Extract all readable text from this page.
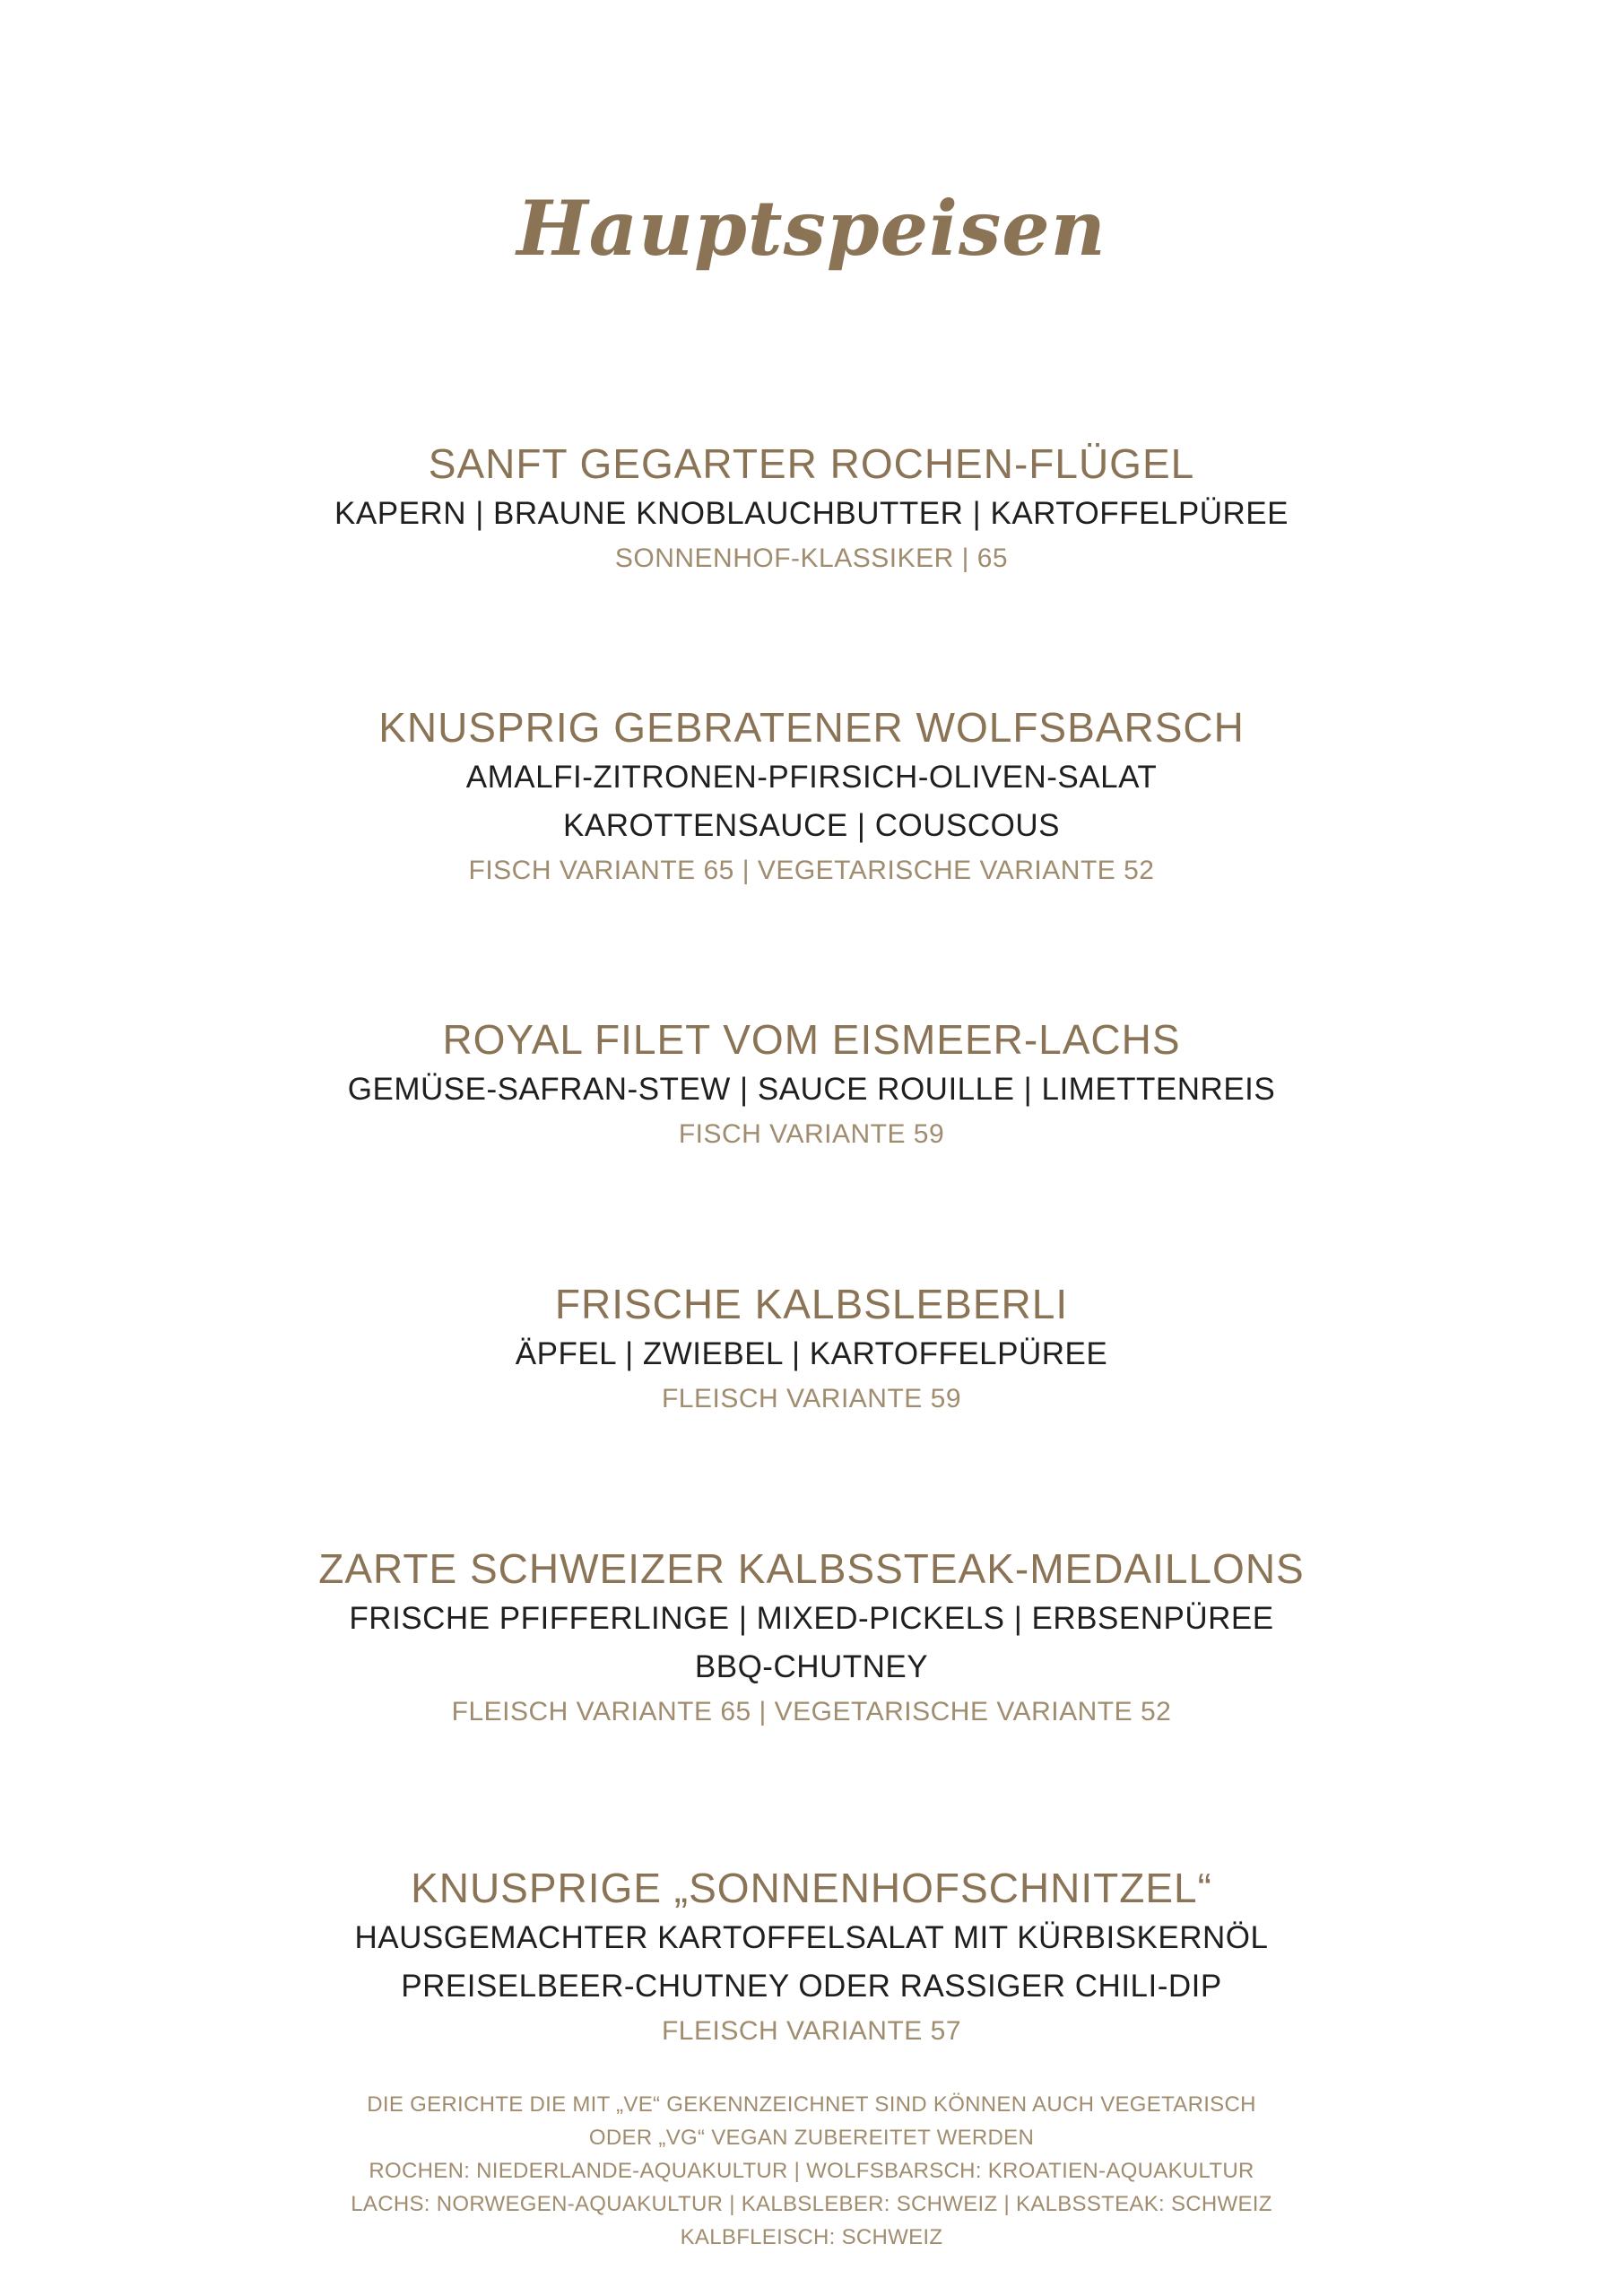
Hauptspeisen

SANFT GEGARTER ROCHEN-FLÜGEL

KAPERN | BRAUNE KNOBLAUCHBUTTER | KARTOFFELPÜREE

SONNENHOF-KLASSIKER | 65

KNUSPRIG GEBRATENER WOLFSBARSCH

AMALFI-ZITRONEN-PFIRSICH-OLIVEN-SALAT

KAROTTENSAUCE | COUSCOUS

FISCH VARIANTE 65 | VEGETARISCHE VARIANTE 52

ROYAL FILET VOM EISMEER-LACHS

GEMÜSE-SAFRAN-STEW | SAUCE ROUILLE | LIMETTENREIS

FISCH VARIANTE 59

FRISCHE KALBSLEBERLI

ÄPFEL | ZWIEBEL | KARTOFFELPÜREE

FLEISCH VARIANTE 59

ZARTE SCHWEIZER KALBSSTEAK-MEDAILLONS

FRISCHE PFIFFERLINGE | MIXED-PICKELS | ERBSENPÜREE

BBQ-CHUTNEY

FLEISCH VARIANTE 65 | VEGETARISCHE VARIANTE 52

KNUSPRIGE „SONNENHOFSCHNITZEL“

HAUSGEMACHTER KARTOFFELSALAT MIT KÜRBISKERNÖL

PREISELBEER-CHUTNEY ODER RASSIGER CHILI-DIP

FLEISCH VARIANTE 57

DIE GERICHTE DIE MIT „VE“ GEKENNZEICHNET SIND KÖNNEN AUCH VEGETARISCH

ODER „VG“ VEGAN ZUBEREITET WERDEN

ROCHEN: NIEDERLANDE-AQUAKULTUR | WOLFSBARSCH: KROATIEN-AQUAKULTUR

LACHS: NORWEGEN-AQUAKULTUR | KALBSLEBER: SCHWEIZ | KALBSSTEAK: SCHWEIZ

KALBFLEISCH: SCHWEIZ
